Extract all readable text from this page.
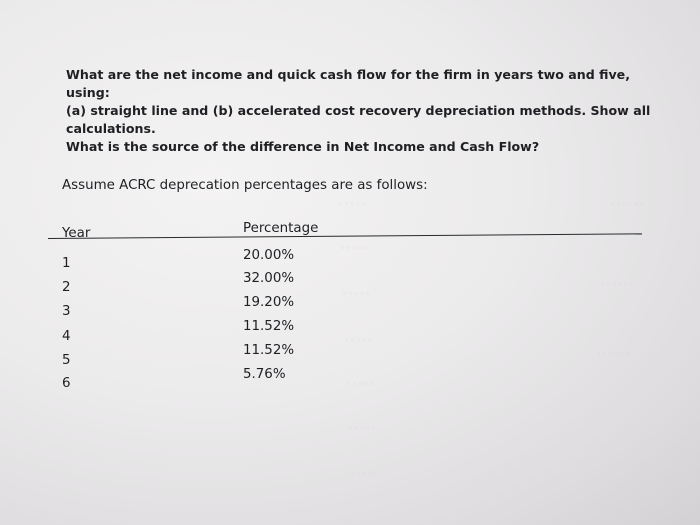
◦◦◦◦◦
◦◦◦◦◦
◦◦◦◦◦
◦◦◦◦◦
◦◦◦◦◦
◦◦◦◦◦
◦◦◦◦◦
◦◦◦◦◦◦
◦◦◦◦◦◦
◦◦◦◦◦◦
What are the net income and quick cash flow for the firm in years two and five,
using:
(a) straight line and (b) accelerated cost recovery depreciation methods. Show all
calculations.
What is the source of the difference in Net Income and Cash Flow?
Assume ACRC deprecation percentages are as follows:
Year	Percentage
1
20.00%
2
32.00%
3
19.20%
4
11.52%
5
11.52%
6
5.76%
